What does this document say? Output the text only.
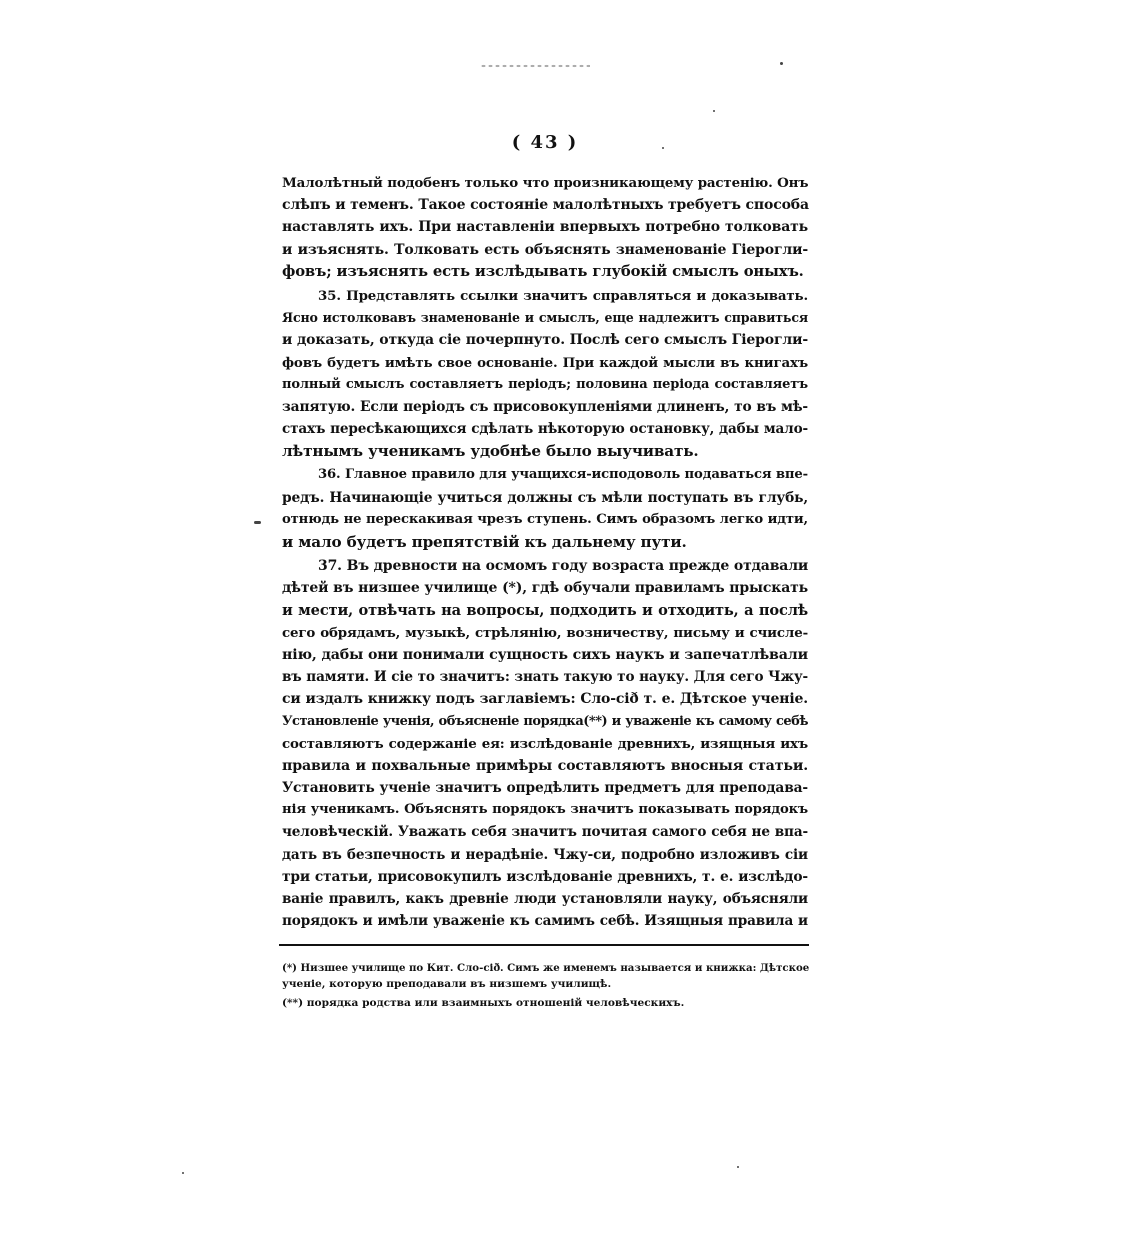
( 43 )
Малолѣтный подобенъ только что произникающему растенію. Онъ
слѣпъ и теменъ. Такое состояніе малолѣтныхъ требуетъ способа
наставлять ихъ. При наставленіи впервыхъ потребно толковать
и изъяснять. Толковать есть объяснять знаменованіе Гіерогли-
фовъ; изъяснять есть изслѣдывать глубокій смыслъ оныхъ.
35. Представлять ссылки значитъ справляться и доказывать.
Ясно истолковавъ знаменованіе и смыслъ, еще надлежитъ справиться
и доказать, откуда сіе почерпнуто. Послѣ сего смыслъ Гіерогли-
фовъ будетъ имѣть свое основаніе. При каждой мысли въ книгахъ
полный смыслъ составляетъ періодъ; половина періода составляетъ
запятую. Если періодъ съ присовокупленіями длиненъ, то въ мѣ-
стахъ пересѣкающихся сдѣлать нѣкоторую остановку, дабы мало-
лѣтнымъ ученикамъ удобнѣе было выучивать.
36. Главное правило для учащихся-исподоволь подаваться впе-
редъ. Начинающіе учиться должны съ мѣли поступать въ глубь,
отнюдь не перескакивая чрезъ ступень. Симъ образомъ легко идти,
и мало будетъ препятствій къ дальнему пути.
37. Въ древности на осмомъ году возраста прежде отдавали
дѣтей въ низшее училище (*), гдѣ обучали правиламъ прыскать
и мести, отвѣчать на вопросы, подходить и отходить, а послѣ
сего обрядамъ, музыкѣ, стрѣлянію, возничеству, письму и счисле-
нію, дабы они понимали сущность сихъ наукъ и запечатлѣвали
въ памяти. И сіе то значитъ: знать такую то науку. Для сего Чжу-
си издалъ книжку подъ заглавіемъ: Сло-сіð т. е. Дѣтское ученіе.
Установленіе ученія, объясненіе порядка(**) и уваженіе къ самому себѣ
составляютъ содержаніе ея: изслѣдованіе древнихъ, изящныя ихъ
правила и похвальные примѣры составляютъ вносныя статьи.
Установить ученіе значитъ опредѣлить предметъ для преподава-
нія ученикамъ. Объяснять порядокъ значитъ показывать порядокъ
человѣческій. Уважать себя значитъ почитая самого себя не впа-
дать въ безпечность и нерадѣніе. Чжу-си, подробно изложивъ сіи
три статьи, присовокупилъ изслѣдованіе древнихъ, т. е. изслѣдо-
ваніе правилъ, какъ древніе люди установляли науку, объясняли
порядокъ и имѣли уваженіе къ самимъ себѣ. Изящныя правила и
(*) Низшее училище по Кит. Сло-сіð. Симъ же именемъ называется и книжка: Дѣтское
ученіе, которую преподавали въ низшемъ училищѣ.
(**) порядка родства или взаимныхъ отношеній человѣческихъ.
